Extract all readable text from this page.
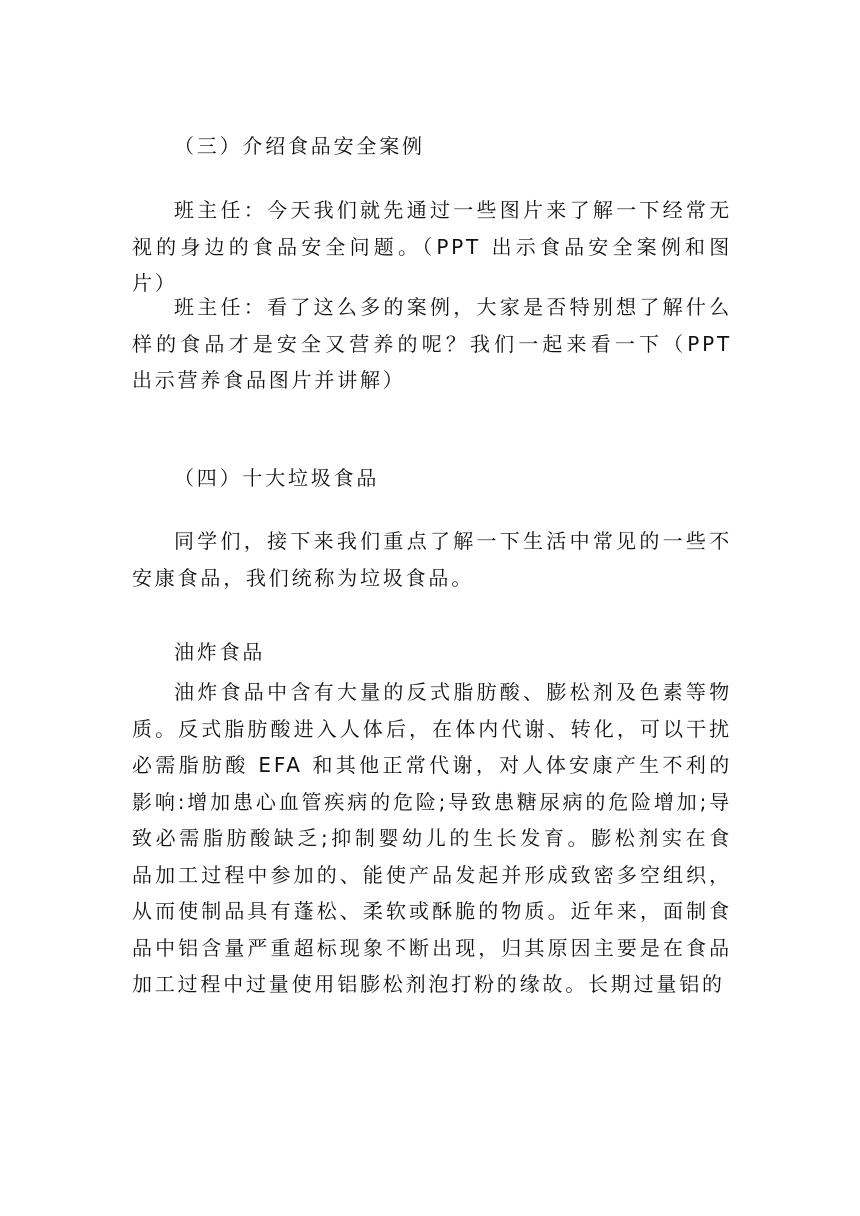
（三）介绍食品安全案例

班主任：今天我们就先通过一些图片来了解一下经常无视的身边的食品安全问题。（PPT 出示食品安全案例和图片）

班主任：看了这么多的案例，大家是否特别想了解什么样的食品才是安全又营养的呢？我们一起来看一下（PPT 出示营养食品图片并讲解）

（四）十大垃圾食品

同学们，接下来我们重点了解一下生活中常见的一些不安康食品，我们统称为垃圾食品。

油炸食品

油炸食品中含有大量的反式脂肪酸、膨松剂及色素等物质。反式脂肪酸进入人体后，在体内代谢、转化，可以干扰必需脂肪酸 EFA 和其他正常代谢，对人体安康产生不利的影响:增加患心血管疾病的危险;导致患糖尿病的危险增加;导致必需脂肪酸缺乏;抑制婴幼儿的生长发育。膨松剂实在食品加工过程中参加的、能使产品发起并形成致密多空组织，从而使制品具有蓬松、柔软或酥脆的物质。近年来，面制食品中铝含量严重超标现象不断出现，归其原因主要是在食品加工过程中过量使用铝膨松剂泡打粉的缘故。长期过量铝的
